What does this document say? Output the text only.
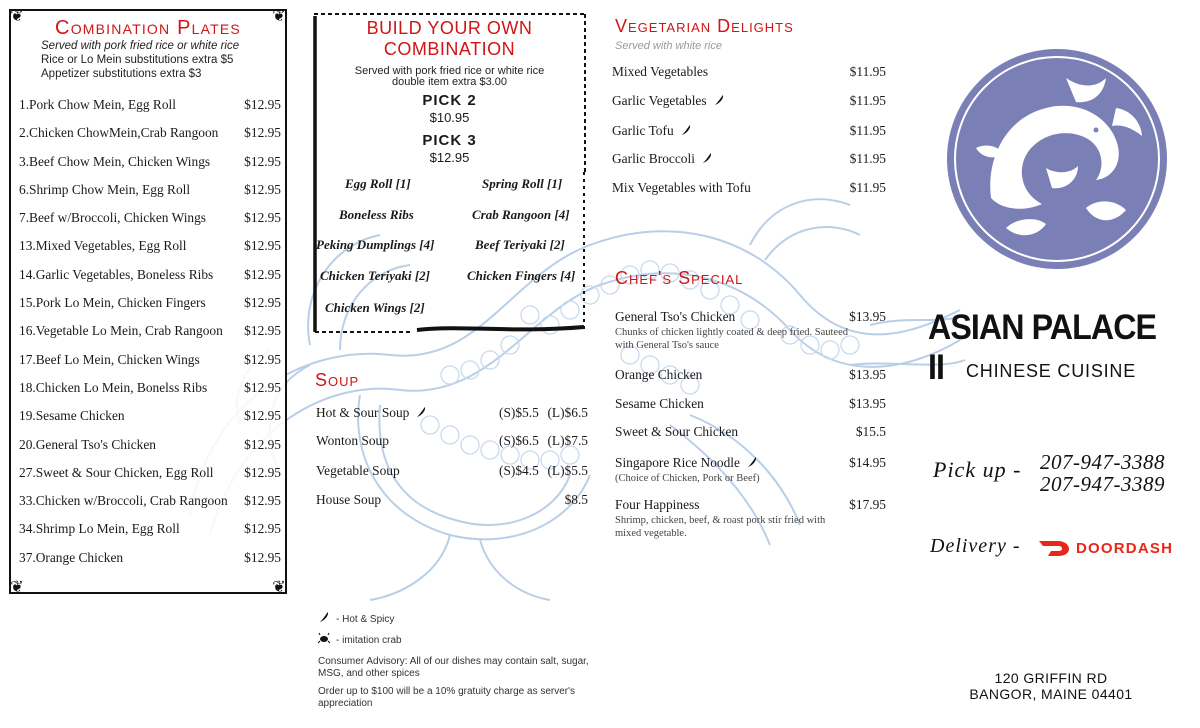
❦	❦
❦	❦
Combination Plates
Served with pork fried rice or white rice
Rice or Lo Mein substitutions extra $5
Appetizer substitutions extra $3
1.Pork Chow Mein, Egg Roll	$12.95
2.Chicken ChowMein,Crab Rangoon $12.95
3.Beef Chow Mein, Chicken Wings	$12.95
6.Shrimp Chow Mein, Egg Roll	$12.95
7.Beef w/Broccoli, Chicken Wings	$12.95
13.Mixed Vegetables, Egg Roll	$12.95
14.Garlic Vegetables, Boneless Ribs $12.95
15.Pork Lo Mein, Chicken Fingers	$12.95
16.Vegetable Lo Mein, Crab Rangoon $12.95
17.Beef Lo Mein, Chicken Wings	$12.95
18.Chicken Lo Mein, Bonelss Ribs	$12.95
19.Sesame Chicken	$12.95
20.General Tso's Chicken	$12.95
27.Sweet & Sour Chicken, Egg Roll $12.95
33.Chicken w/Broccoli, Crab Rangoon $12.95
34.Shrimp Lo Mein, Egg Roll	$12.95
37.Orange Chicken	$12.95
BUILD YOUR OWN
COMBINATION
Served with pork fried rice or white rice
double item extra $3.00
PICK 2
$10.95
PICK 3
$12.95
Egg Roll [1]	Spring Roll [1]
Boneless Ribs	Crab Rangoon [4]
Peking Dumplings [4]	Beef Teriyaki [2]
Chicken Teriyaki [2]	Chicken Fingers [4]
Chicken Wings [2]
Soup
Hot & Sour Soup	(S)$5.5 (L)$6.5
Wonton Soup	(S)$6.5 (L)$7.5
Vegetable Soup	(S)$4.5 (L)$5.5
House Soup	$8.5
- Hot & Spicy
- imitation crab
Consumer Advisory: All of our dishes may contain salt, sugar, MSG, and other spices
Order up to $100 will be a 10% gratuity charge as server's appreciation
Vegetarian Delights
Served with white rice
Mixed Vegetables	$11.95
Garlic Vegetables	$11.95
Garlic Tofu	$11.95
Garlic Broccoli	$11.95
Mix Vegetables with Tofu	$11.95
Chef's Special
General Tso's Chicken	$13.95
Chunks of chicken lightly coated & deep fried. Sauteed
with General Tso's sauce
Orange Chicken	$13.95
Sesame Chicken	$13.95
Sweet & Sour Chicken	$15.5
Singapore Rice Noodle	$14.95
(Choice of Chicken, Pork or Beef)
Four Happiness	$17.95
Shrimp, chicken, beef, & roast pork stir fried with
mixed vegetable.
ASIAN PALACE II	CHINESE CUISINE
Pick up - 207-947-3388
207-947-3389
Delivery -	DOORDASH
120 GRIFFIN RD
BANGOR, MAINE 04401
